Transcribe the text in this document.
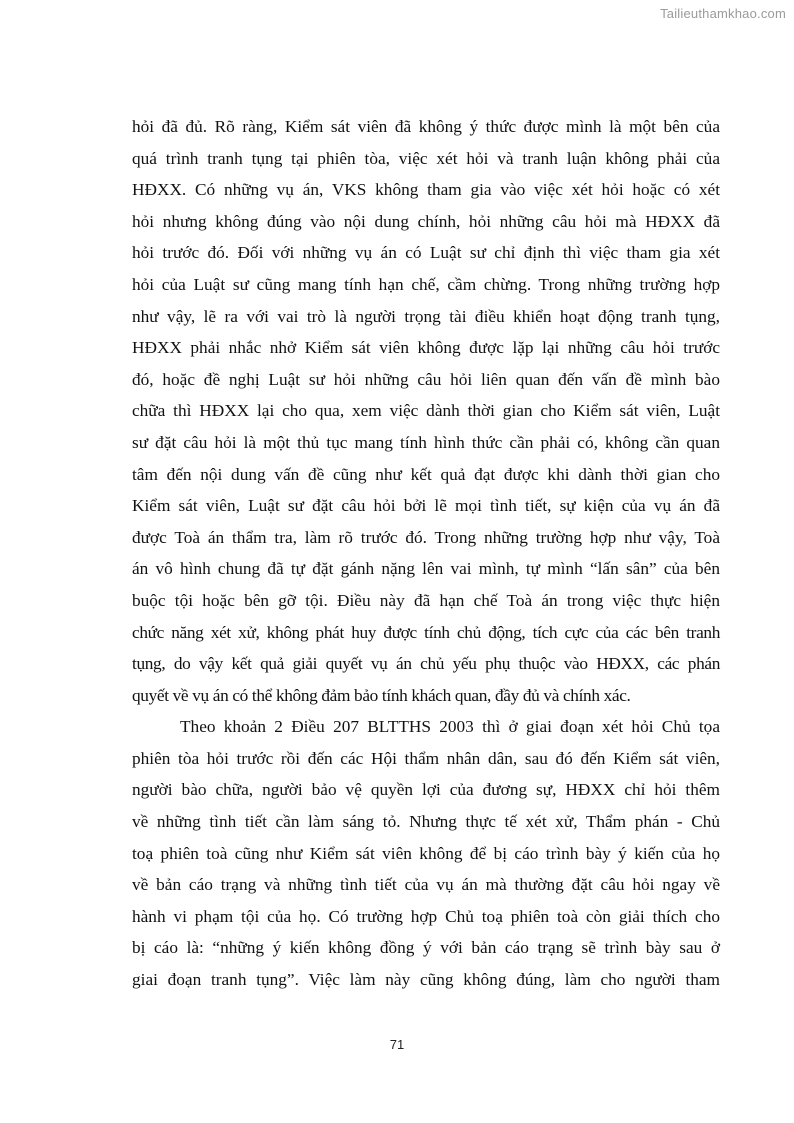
Tailieuthamkhao.com

hỏi đã đủ. Rõ ràng, Kiểm sát viên đã không ý thức được mình là một bên của
quá trình tranh tụng tại phiên tòa, việc xét hỏi và tranh luận không phải của
HĐXX. Có những vụ án, VKS không tham gia vào việc xét hỏi hoặc có xét
hỏi nhưng không đúng vào nội dung chính, hỏi những câu hỏi mà HĐXX đã
hỏi trước đó. Đối với những vụ án có Luật sư chỉ định thì việc tham gia xét
hỏi của Luật sư cũng mang tính hạn chế, cầm chừng. Trong những trường hợp
như vậy, lẽ ra với vai trò là người trọng tài điều khiển hoạt động tranh tụng,
HĐXX phải nhắc nhở Kiểm sát viên không được lặp lại những câu hỏi trước
đó, hoặc đề nghị Luật sư hỏi những câu hỏi liên quan đến vấn đề mình bào
chữa thì HĐXX lại cho qua, xem việc dành thời gian cho Kiểm sát viên, Luật
sư đặt câu hỏi là một thủ tục mang tính hình thức cần phải có, không cần quan
tâm đến nội dung vấn đề cũng như kết quả đạt được khi dành thời gian cho
Kiểm sát viên, Luật sư đặt câu hỏi bởi lẽ mọi tình tiết, sự kiện của vụ án đã
được Toà án thẩm tra, làm rõ trước đó. Trong những trường hợp như vậy, Toà
án vô hình chung đã tự đặt gánh nặng lên vai mình, tự mình “lấn sân” của bên
buộc tội hoặc bên gỡ tội. Điều này đã hạn chế Toà án trong việc thực hiện
chức năng xét xử, không phát huy được tính chủ động, tích cực của các bên tranh
tụng, do vậy kết quả giải quyết vụ án chủ yếu phụ thuộc vào HĐXX, các phán
quyết về vụ án có thể không đảm bảo tính khách quan, đầy đủ và chính xác.

Theo khoản 2 Điều 207 BLTTHS 2003 thì ở giai đoạn xét hỏi Chủ tọa
phiên tòa hỏi trước rồi đến các Hội thẩm nhân dân, sau đó đến Kiểm sát viên,
người bào chữa, người bảo vệ quyền lợi của đương sự, HĐXX chỉ hỏi thêm
về những tình tiết cần làm sáng tỏ. Nhưng thực tế xét xử, Thẩm phán - Chủ
toạ phiên toà cũng như Kiểm sát viên không để bị cáo trình bày ý kiến của họ
về bản cáo trạng và những tình tiết của vụ án mà thường đặt câu hỏi ngay về
hành vi phạm tội của họ. Có trường hợp Chủ toạ phiên toà còn giải thích cho
bị cáo là: “những ý kiến không đồng ý với bản cáo trạng sẽ trình bày sau ở
giai đoạn tranh tụng”. Việc làm này cũng không đúng, làm cho người tham

71
